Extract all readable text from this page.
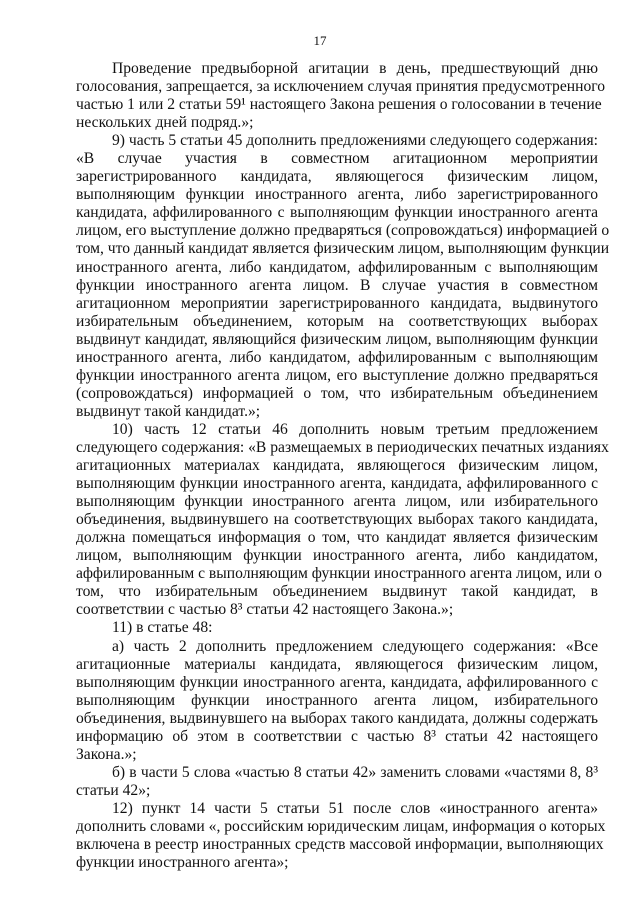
17
Проведение предвыборной агитации в день, предшествующий дню
голосования, запрещается, за исключением случая принятия предусмотренного
частью 1 или 2 статьи 59¹ настоящего Закона решения о голосовании в течение
нескольких дней подряд.»;
9) часть 5 статьи 45 дополнить предложениями следующего содержания:
«В случае участия в совместном агитационном мероприятии
зарегистрированного кандидата, являющегося физическим лицом,
выполняющим функции иностранного агента, либо зарегистрированного
кандидата, аффилированного с выполняющим функции иностранного агента
лицом, его выступление должно предваряться (сопровождаться) информацией о
том, что данный кандидат является физическим лицом, выполняющим функции
иностранного агента, либо кандидатом, аффилированным с выполняющим
функции иностранного агента лицом. В случае участия в совместном
агитационном мероприятии зарегистрированного кандидата, выдвинутого
избирательным объединением, которым на соответствующих выборах
выдвинут кандидат, являющийся физическим лицом, выполняющим функции
иностранного агента, либо кандидатом, аффилированным с выполняющим
функции иностранного агента лицом, его выступление должно предваряться
(сопровождаться) информацией о том, что избирательным объединением
выдвинут такой кандидат.»;
10) часть 12 статьи 46 дополнить новым третьим предложением
следующего содержания: «В размещаемых в периодических печатных изданиях
агитационных материалах кандидата, являющегося физическим лицом,
выполняющим функции иностранного агента, кандидата, аффилированного с
выполняющим функции иностранного агента лицом, или избирательного
объединения, выдвинувшего на соответствующих выборах такого кандидата,
должна помещаться информация о том, что кандидат является физическим
лицом, выполняющим функции иностранного агента, либо кандидатом,
аффилированным с выполняющим функции иностранного агента лицом, или о
том, что избирательным объединением выдвинут такой кандидат, в
соответствии с частью 8³ статьи 42 настоящего Закона.»;
11) в статье 48:
а) часть 2 дополнить предложением следующего содержания: «Все
агитационные материалы кандидата, являющегося физическим лицом,
выполняющим функции иностранного агента, кандидата, аффилированного с
выполняющим функции иностранного агента лицом, избирательного
объединения, выдвинувшего на выборах такого кандидата, должны содержать
информацию об этом в соответствии с частью 8³ статьи 42 настоящего
Закона.»;
б) в части 5 слова «частью 8 статьи 42» заменить словами «частями 8, 8³
статьи 42»;
12) пункт 14 части 5 статьи 51 после слов «иностранного агента»
дополнить словами «, российским юридическим лицам, информация о которых
включена в реестр иностранных средств массовой информации, выполняющих
функции иностранного агента»;
